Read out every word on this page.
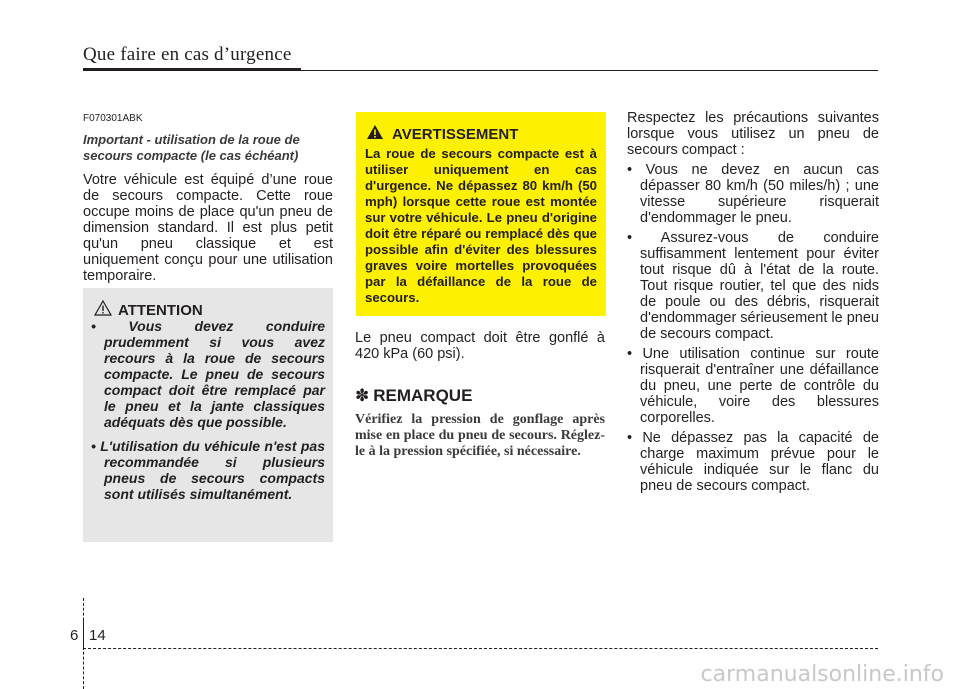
Que faire en cas d’urgence
F070301ABK

Important - utilisation de la roue de secours compacte (le cas échéant)

Votre véhicule est équipé d’une roue de secours compacte. Cette roue occupe moins de place qu'un pneu de dimension standard. Il est plus petit qu'un pneu classique et est uniquement conçu pour une utilisation temporaire.

ATTENTION
• Vous devez conduire prudemment si vous avez recours à la roue de secours compacte. Le pneu de secours compact doit être remplacé par le pneu et la jante classiques adéquats dès que possible.
• L'utilisation du véhicule n'est pas recommandée si plusieurs pneus de secours compacts sont utilisés simultanément.
AVERTISSEMENT
La roue de secours compacte est à utiliser uniquement en cas d'urgence. Ne dépassez 80 km/h (50 mph) lorsque cette roue est montée sur votre véhicule. Le pneu d'origine doit être réparé ou remplacé dès que possible afin d'éviter des blessures graves voire mortelles provoquées par la défaillance de la roue de secours.

Le pneu compact doit être gonflé à 420 kPa (60 psi).

✽ REMARQUE
Vérifiez la pression de gonflage après mise en place du pneu de secours. Réglez-le à la pression spécifiée, si nécessaire.

Respectez les précautions suivantes lorsque vous utilisez un pneu de secours compact :

• Vous ne devez en aucun cas dépasser 80 km/h (50 miles/h) ; une vitesse supérieure risquerait d'endommager le pneu.
• Assurez-vous de conduire suffisamment lentement pour éviter tout risque dû à l'état de la route. Tout risque routier, tel que des nids de poule ou des débris, risquerait d'endommager sérieusement le pneu de secours compact.
• Une utilisation continue sur route risquerait d'entraîner une défaillance du pneu, une perte de contrôle du véhicule, voire des blessures corporelles.
• Ne dépassez pas la capacité de charge maximum prévue pour le véhicule indiquée sur le flanc du pneu de secours compact.
6 14
carmanualsonline.info
